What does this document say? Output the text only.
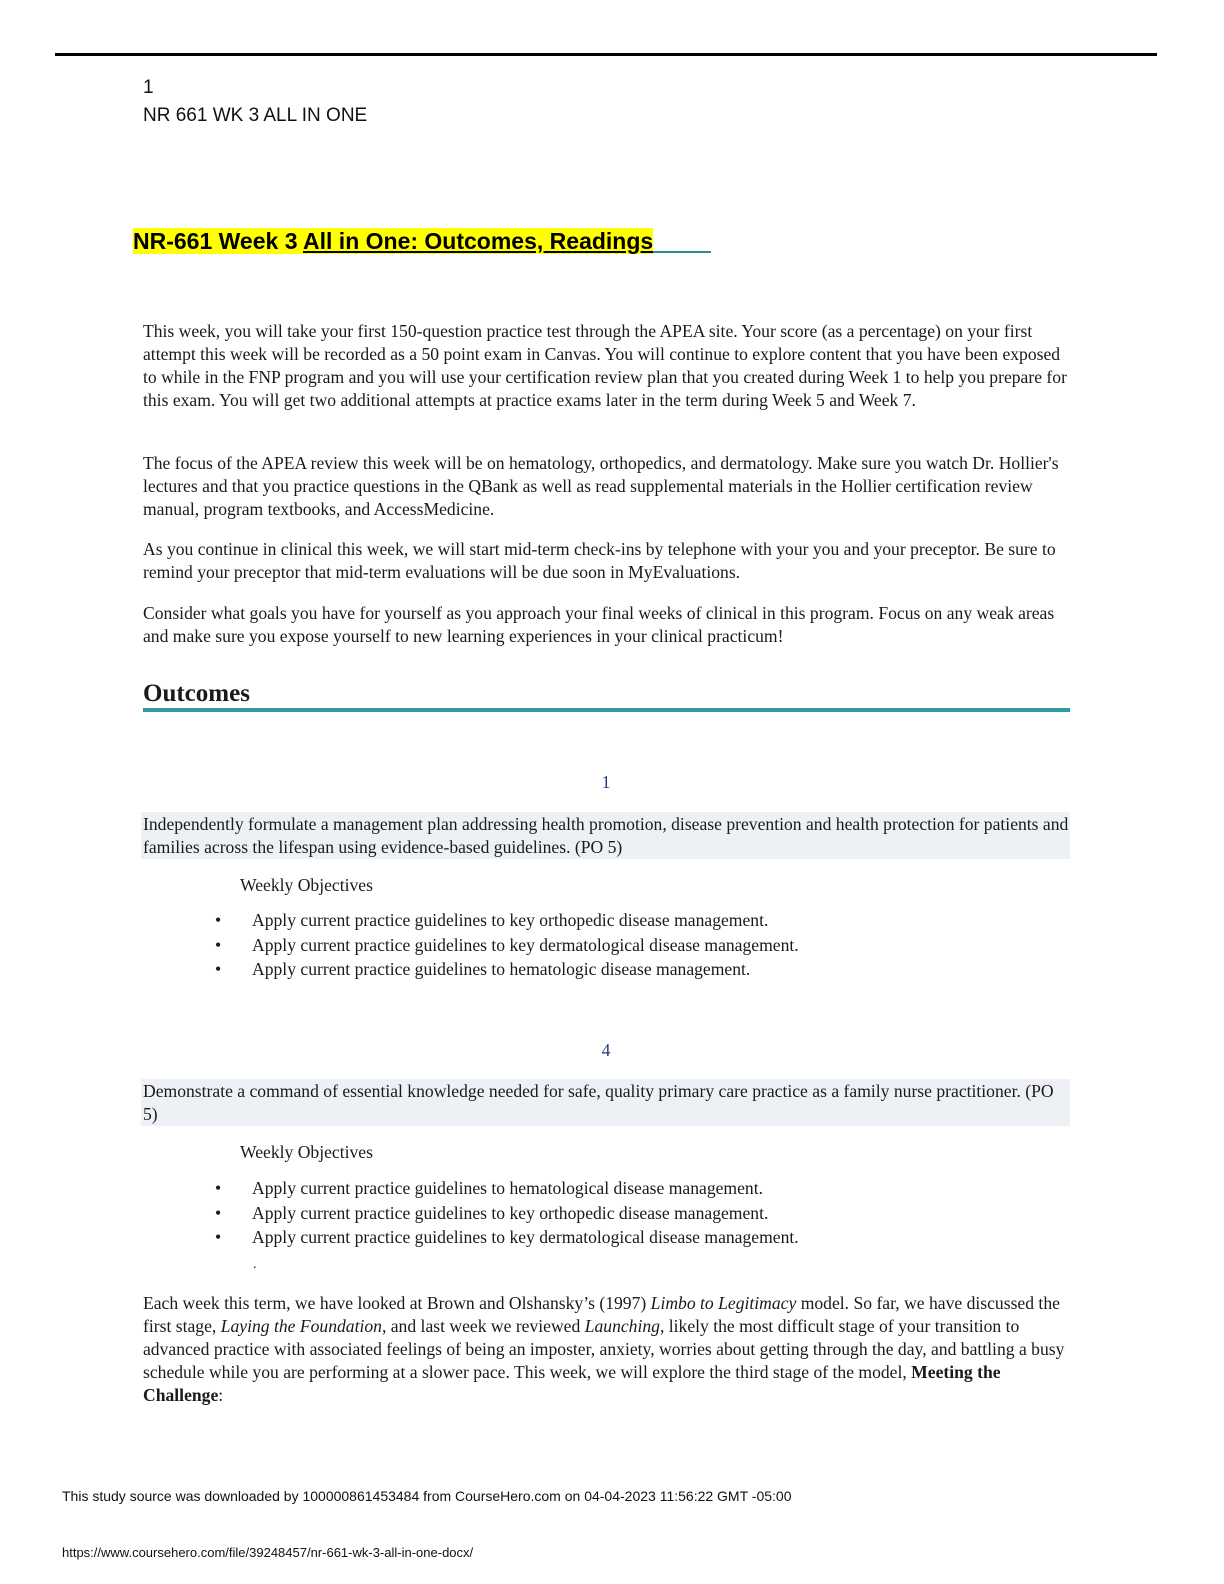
1
NR 661 WK 3 ALL IN ONE
NR-661 Week 3 All in One: Outcomes, Readings

This week, you will take your first 150-question practice test through the APEA site. Your score (as a percentage) on your first attempt this week will be recorded as a 50 point exam in Canvas. You will continue to explore content that you have been exposed to while in the FNP program and you will use your certification review plan that you created during Week 1 to help you prepare for this exam. You will get two additional attempts at practice exams later in the term during Week 5 and Week 7.

The focus of the APEA review this week will be on hematology, orthopedics, and dermatology. Make sure you watch Dr. Hollier's lectures and that you practice questions in the QBank as well as read supplemental materials in the Hollier certification review manual, program textbooks, and AccessMedicine.

As you continue in clinical this week, we will start mid-term check-ins by telephone with your you and your preceptor. Be sure to remind your preceptor that mid-term evaluations will be due soon in MyEvaluations.

Consider what goals you have for yourself as you approach your final weeks of clinical in this program. Focus on any weak areas and make sure you expose yourself to new learning experiences in your clinical practicum!

Outcomes
1
Independently formulate a management plan addressing health promotion, disease prevention and health protection for patients and families across the lifespan using evidence-based guidelines. (PO 5)
Weekly Objectives
• Apply current practice guidelines to key orthopedic disease management.
• Apply current practice guidelines to key dermatological disease management.
• Apply current practice guidelines to hematologic disease management.
4
Demonstrate a command of essential knowledge needed for safe, quality primary care practice as a family nurse practitioner. (PO 5)
Weekly Objectives
• Apply current practice guidelines to hematological disease management.
• Apply current practice guidelines to key orthopedic disease management.
• Apply current practice guidelines to key dermatological disease management.
.

Each week this term, we have looked at Brown and Olshansky’s (1997) Limbo to Legitimacy model. So far, we have discussed the first stage, Laying the Foundation, and last week we reviewed Launching, likely the most difficult stage of your transition to advanced practice with associated feelings of being an imposter, anxiety, worries about getting through the day, and battling a busy schedule while you are performing at a slower pace. This week, we will explore the third stage of the model, Meeting the Challenge:

This study source was downloaded by 100000861453484 from CourseHero.com on 04-04-2023 11:56:22 GMT -05:00
https://www.coursehero.com/file/39248457/nr-661-wk-3-all-in-one-docx/
